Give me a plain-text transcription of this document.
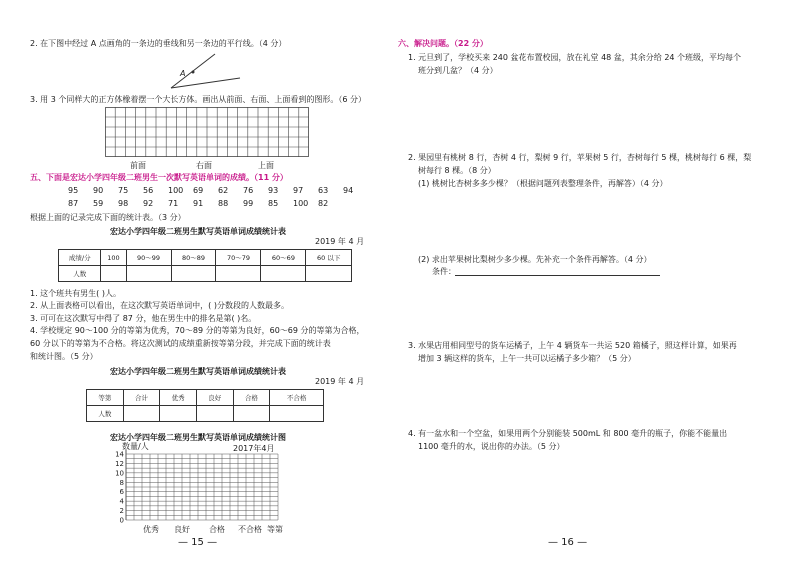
2. 在下图中经过 A 点画角的一条边的垂线和另一条边的平行线。（4 分）
A
3. 用 3 个同样大的正方体橡着摆一个大长方体。画出从前面、右面、上面看到的图形。（6 分）
前面	右面	上面
五、下面是宏达小学四年级二班男生一次默写英语单词的成绩。（11 分）
95 90 75 56 100 69 62 76 93 97 63 94
87 59 98 92 71 91 88 99 85 100 82
根据上面的记录完成下面的统计表。（3 分）
宏达小学四年级二班男生默写英语单词成绩统计表
2019 年 4 月
成绩/分	100	90～99	80～89	70～79	60～69	60 以下
人数						
1. 这个班共有男生( )人。
2. 从上面表格可以看出，在这次默写英语单词中，( )分数段的人数最多。
3. 可可在这次默写中得了 87 分，他在男生中的排名是第( )名。
4. 学校规定 90～100 分的等第为优秀，70～89 分的等第为良好，60～69 分的等第为合格，
60 分以下的等第为不合格。将这次测试的成绩重新按等第分段，并完成下面的统计表
和统计图。（5 分）
宏达小学四年级二班男生默写英语单词成绩统计表
2019 年 4 月
等第	合计	优秀	良好	合格	不合格
人数					
宏达小学四年级二班男生默写英语单词成绩统计图
数量/人	2017年4月
14
12
10
8
6
4
2
0
优秀 良好 合格 不合格 等第
— 15 —
六、解决问题。（22 分）
1. 元旦到了，学校买来 240 盆花布置校园，放在礼堂 48 盆，其余分给 24 个班级，平均每个
班分到几盆？（4 分）
2. 果园里有桃树 8 行，杏树 4 行，梨树 9 行，苹果树 5 行，杏树每行 5 棵，桃树每行 6 棵，梨
树每行 8 棵。（8 分）
(1) 桃树比杏树多多少棵？（根据问题列表整理条件，再解答）（4 分）
(2) 求出苹果树比梨树少多少棵。先补充一个条件再解答。（4 分）
条件：
3. 水果店用相同型号的货车运橘子，上午 4 辆货车一共运 520 箱橘子，照这样计算，如果再
增加 3 辆这样的货车，上午一共可以运橘子多少箱？（5 分）
4. 有一盆水和一个空盆，如果用两个分别能装 500mL 和 800 毫升的瓶子，你能不能量出
1100 毫升的水，说出你的办法。（5 分）
— 16 —
